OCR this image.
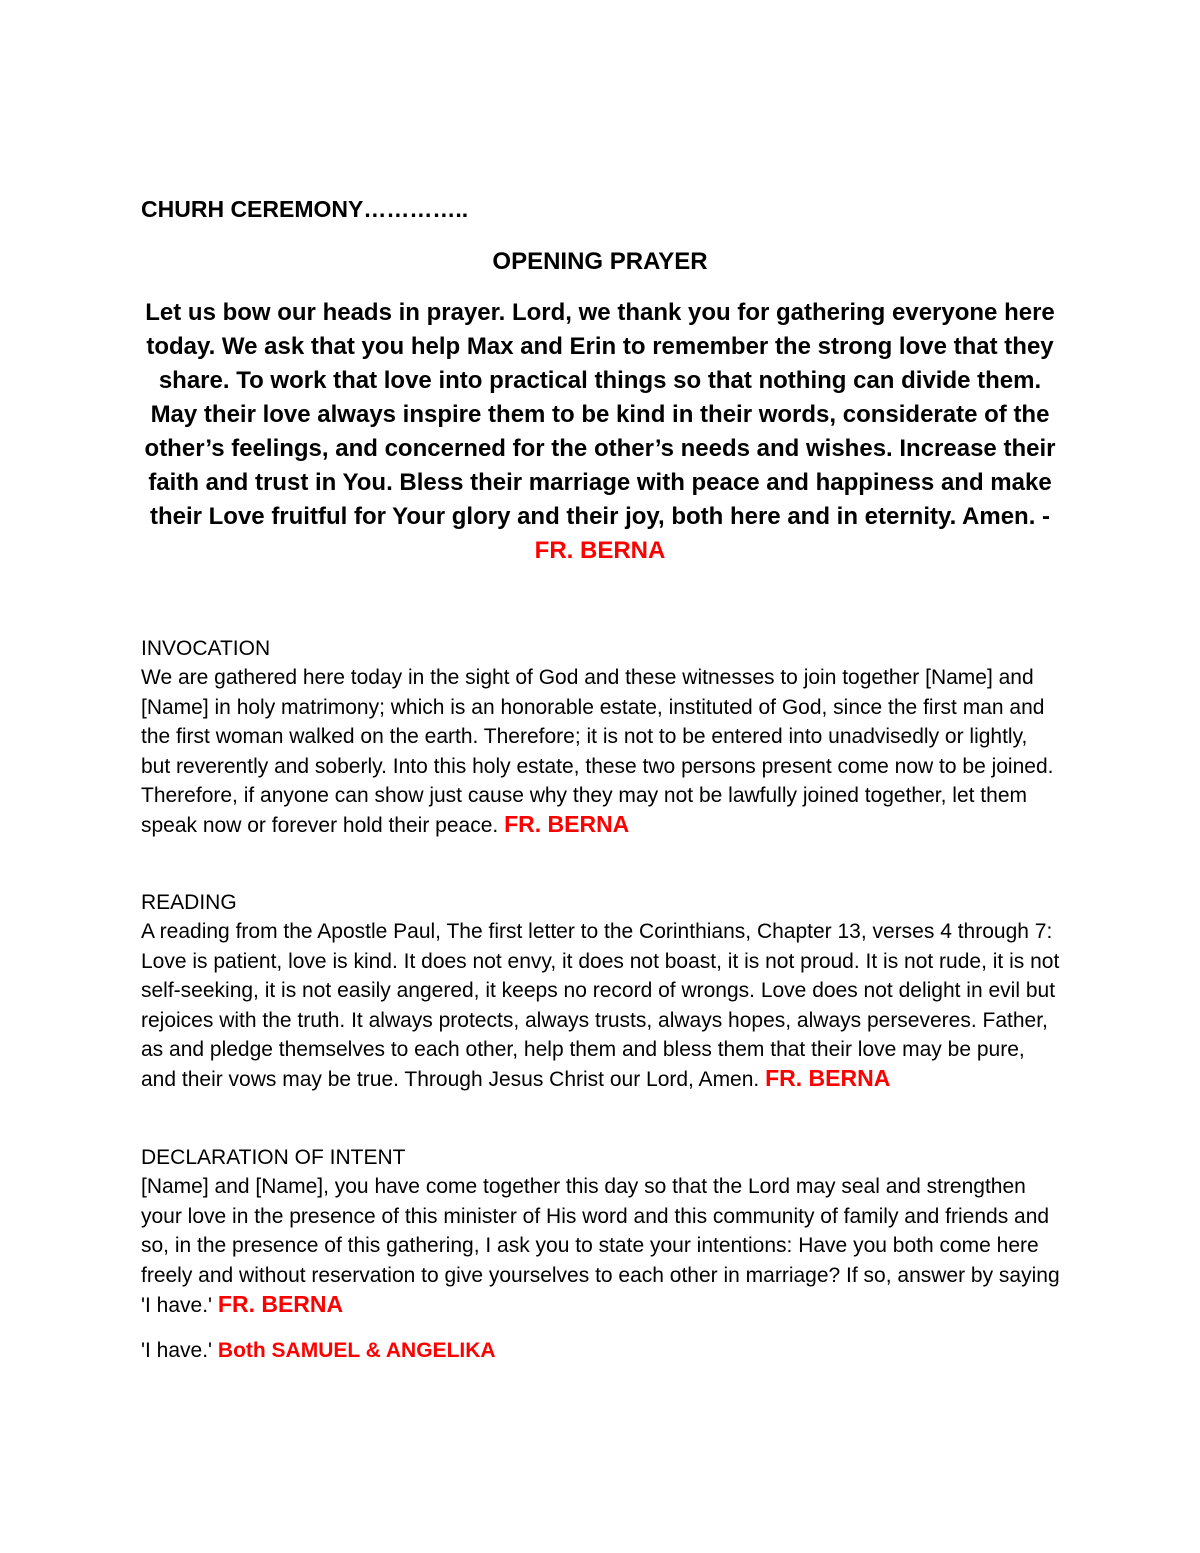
CHURH CEREMONY…………..
OPENING PRAYER

Let us bow our heads in prayer. Lord, we thank you for gathering everyone here today. We ask that you help Max and Erin to remember the strong love that they share. To work that love into practical things so that nothing can divide them. May their love always inspire them to be kind in their words, considerate of the other’s feelings, and concerned for the other’s needs and wishes. Increase their faith and trust in You. Bless their marriage with peace and happiness and make their Love fruitful for Your glory and their joy, both here and in eternity. Amen. -FR. BERNA

INVOCATION
We are gathered here today in the sight of God and these witnesses to join together [Name] and [Name] in holy matrimony; which is an honorable estate, instituted of God, since the first man and the first woman walked on the earth. Therefore; it is not to be entered into unadvisedly or lightly, but reverently and soberly. Into this holy estate, these two persons present come now to be joined. Therefore, if anyone can show just cause why they may not be lawfully joined together, let them speak now or forever hold their peace. FR. BERNA
READING
A reading from the Apostle Paul, The first letter to the Corinthians, Chapter 13, verses 4 through 7: Love is patient, love is kind. It does not envy, it does not boast, it is not proud. It is not rude, it is not self-seeking, it is not easily angered, it keeps no record of wrongs. Love does not delight in evil but rejoices with the truth. It always protects, always trusts, always hopes, always perseveres. Father, as and pledge themselves to each other, help them and bless them that their love may be pure, and their vows may be true. Through Jesus Christ our Lord, Amen. FR. BERNA
DECLARATION OF INTENT
[Name] and [Name], you have come together this day so that the Lord may seal and strengthen your love in the presence of this minister of His word and this community of family and friends and so, in the presence of this gathering, I ask you to state your intentions: Have you both come here freely and without reservation to give yourselves to each other in marriage? If so, answer by saying 'I have.' FR. BERNA

'I have.' Both SAMUEL & ANGELIKA
